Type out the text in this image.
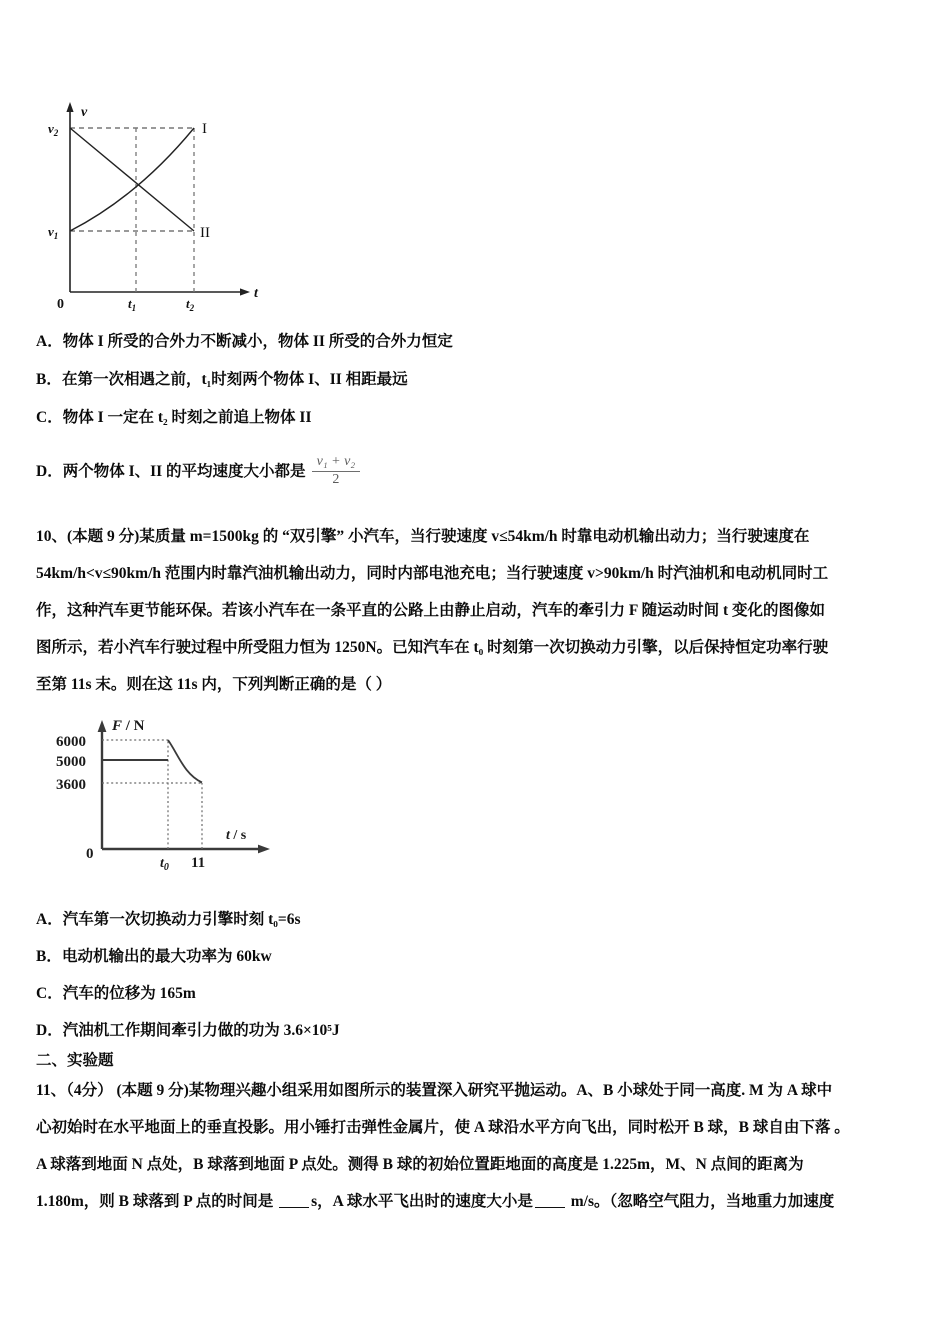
v
t
$v_2$
$v_1$
0	$t_1$	$t_2$
I
II
A．物体 I 所受的合外力不断减小，物体 II 所受的合外力恒定
B．在第一次相遇之前，t₁时刻两个物体 I、II 相距最远
C．物体 I 一定在 t₂ 时刻之前追上物体 II
D．两个物体 I、II 的平均速度大小都是 $\frac{\text{v₁ + v₂}}{2}$
10、(本题 9 分)某质量 m=1500kg 的 “双引擎” 小汽车，当行驶速度 v≤54km/h 时靠电动机输出动力；当行驶速度在
54km/h<v≤90km/h 范围内时靠汽油机输出动力，同时内部电池充电；当行驶速度 v>90km/h 时汽油机和电动机同时工
作，这种汽车更节能环保。若该小汽车在一条平直的公路上由静止启动，汽车的牽引力 F 随运动时间 t 变化的图像如
图所示，若小汽车行驶过程中所受阻力恒为 1250N。已知汽车在 t₀ 时刻第一次切换动力引擎，以后保持恒定功率行驶
至第 11s 末。则在这 11s 内，下列判断正确的是（ ）
F / N
t / s
6000
5000
3600
0
$t_0$ 11
A．汽车第一次切换动力引擎时刻 t₀=6s
B．电动机输出的最大功率为 60kw
C．汽车的位移为 165m
D．汽油机工作期间牽引力做的功为 3.6×10⁵J
二、实验题
11、（4分） (本题 9 分)某物理兴趣小组采用如图所示的装置深入研究平抛运动。A、B 小球处于同一高度. M 为 A 球中
心初始时在水平地面上的垂直投影。用小锤打击弹性金属片，使 A 球沿水平方向飞出，同时松开 B 球，B 球自由下落 。
A 球落到地面 N 点处，B 球落到地面 P 点处。测得 B 球的初始位置距地面的高度是 1.225m，M、N 点间的距离为
1.180m，则 B 球落到 P 点的时间是 s，A 球水平飞出时的速度大小是 m/s。（忽略空气阻力，当地重力加速度
